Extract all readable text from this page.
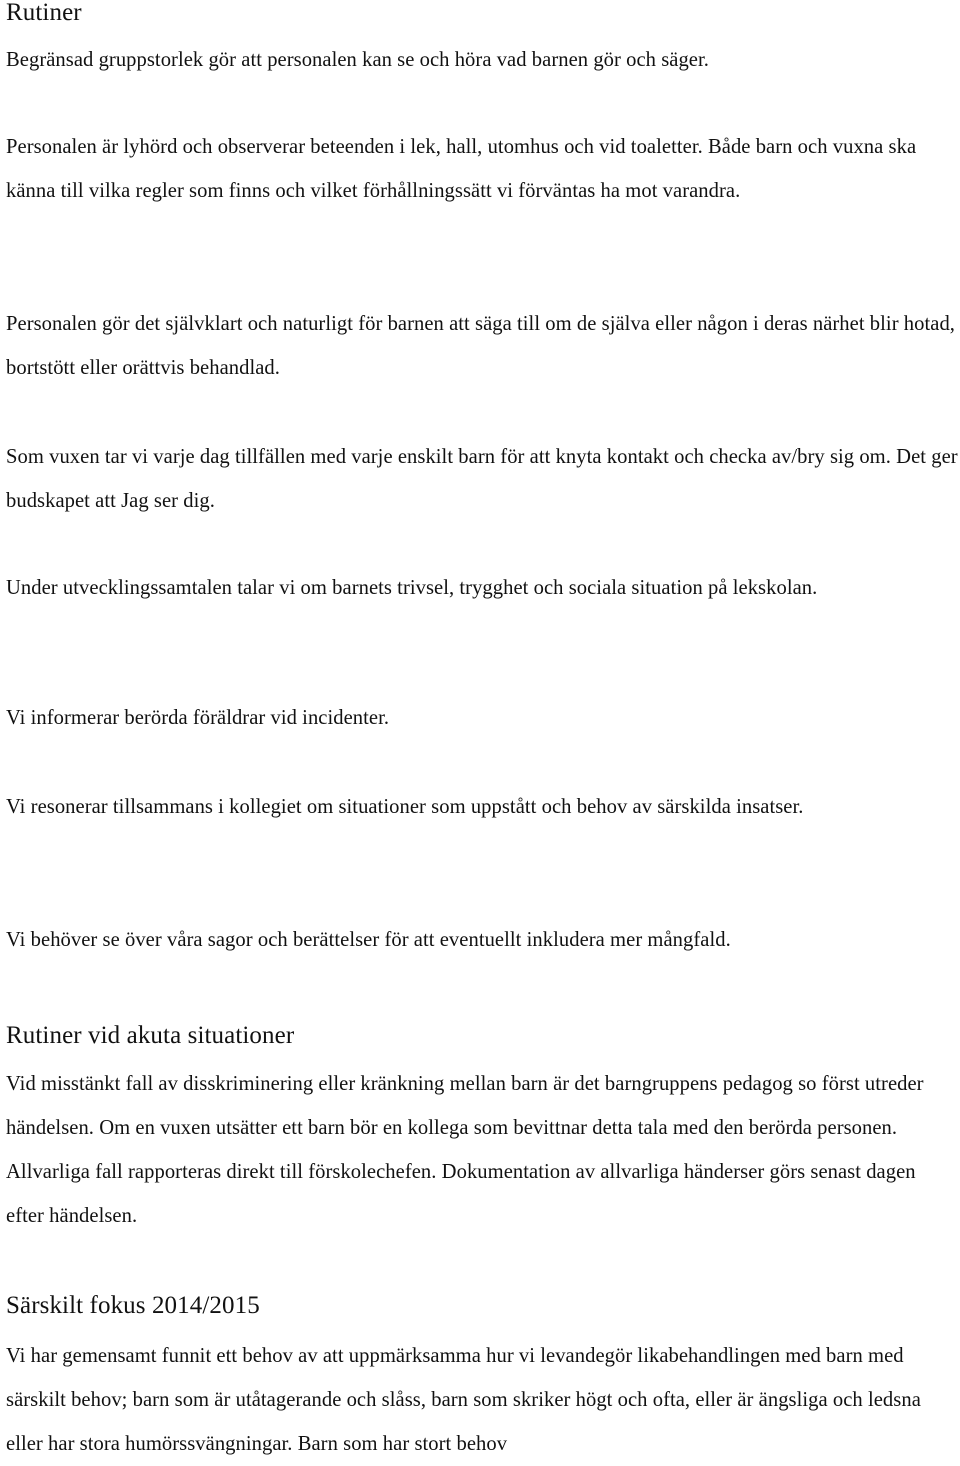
Rutiner

Begränsad gruppstorlek gör att personalen kan se och höra vad barnen gör och säger.

Personalen är lyhörd och observerar beteenden i lek, hall, utomhus och vid toaletter. Både barn och vuxna ska känna till vilka regler som finns och vilket förhållningssätt vi förväntas ha mot varandra.

Personalen gör det självklart och naturligt för barnen att säga till om de själva eller någon i deras närhet blir hotad, bortstött eller orättvis behandlad.

Som vuxen tar vi varje dag tillfällen med varje enskilt barn för att knyta kontakt och checka av/bry sig om. Det ger budskapet att Jag ser dig.

Under utvecklingssamtalen talar vi om barnets trivsel, trygghet och sociala situation på lekskolan.

Vi informerar berörda föräldrar vid incidenter.

Vi resonerar tillsammans i kollegiet om situationer som uppstått och behov av särskilda insatser.

Vi behöver se över våra sagor och berättelser för att eventuellt inkludera mer mångfald.

Rutiner vid akuta situationer

Vid misstänkt fall av disskriminering eller kränkning mellan barn är det barngruppens pedagog so först utreder händelsen. Om en vuxen utsätter ett barn bör en kollega som bevittnar detta tala med den berörda personen. Allvarliga fall rapporteras direkt till förskolechefen. Dokumentation av allvarliga händerser görs senast dagen efter händelsen.

Särskilt fokus 2014/2015

Vi har gemensamt funnit ett behov av att uppmärksamma hur vi levandegör likabehandlingen med barn med särskilt behov; barn som är utåtagerande och slåss, barn som skriker högt och ofta, eller är ängsliga och ledsna eller har stora humörssvängningar. Barn som har stort behov
